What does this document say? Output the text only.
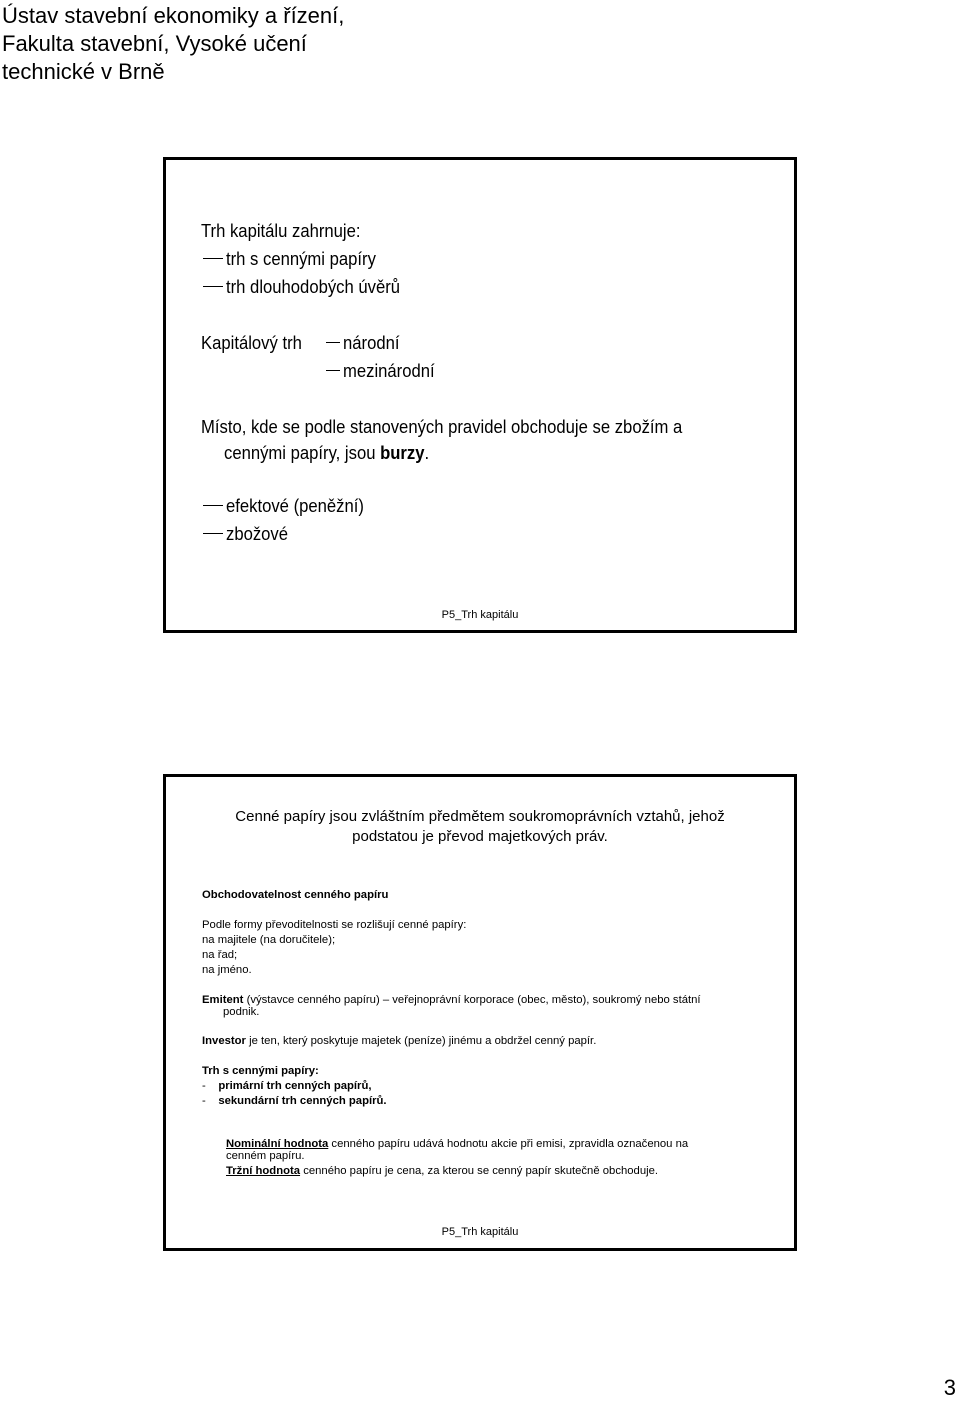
Ústav stavební ekonomiky a řízení,
Fakulta stavební, Vysoké učení
technické v Brně
Trh kapitálu zahrnuje:
trh s cennými papíry
trh dlouhodobých úvěrů
Kapitálový trh národní
mezinárodní
Místo, kde se podle stanovených pravidel obchoduje se zbožím a
cennými papíry, jsou burzy.
efektové (peněžní)
zbožové
P5_Trh kapitálu
Cenné papíry jsou zvláštním předmětem soukromoprávních vztahů, jehož
podstatou je převod majetkových práv.
Obchodovatelnost cenného papíru
Podle formy převoditelnosti se rozlišují cenné papíry:
na majitele (na doručitele);
na řad;
na jméno.
Emitent (výstavce cenného papíru) – veřejnoprávní korporace (obec, město), soukromý nebo státní
podnik.
Investor je ten, který poskytuje majetek (peníze) jinému a obdržel cenný papír.
Trh s cennými papíry:
-    primární trh cenných papírů,
-    sekundární trh cenných papírů.
Nominální hodnota cenného papíru udává hodnotu akcie při emisi, zpravidla označenou na
cenném papíru.
Tržní hodnota cenného papíru je cena, za kterou se cenný papír skutečně obchoduje.
P5_Trh kapitálu
3
